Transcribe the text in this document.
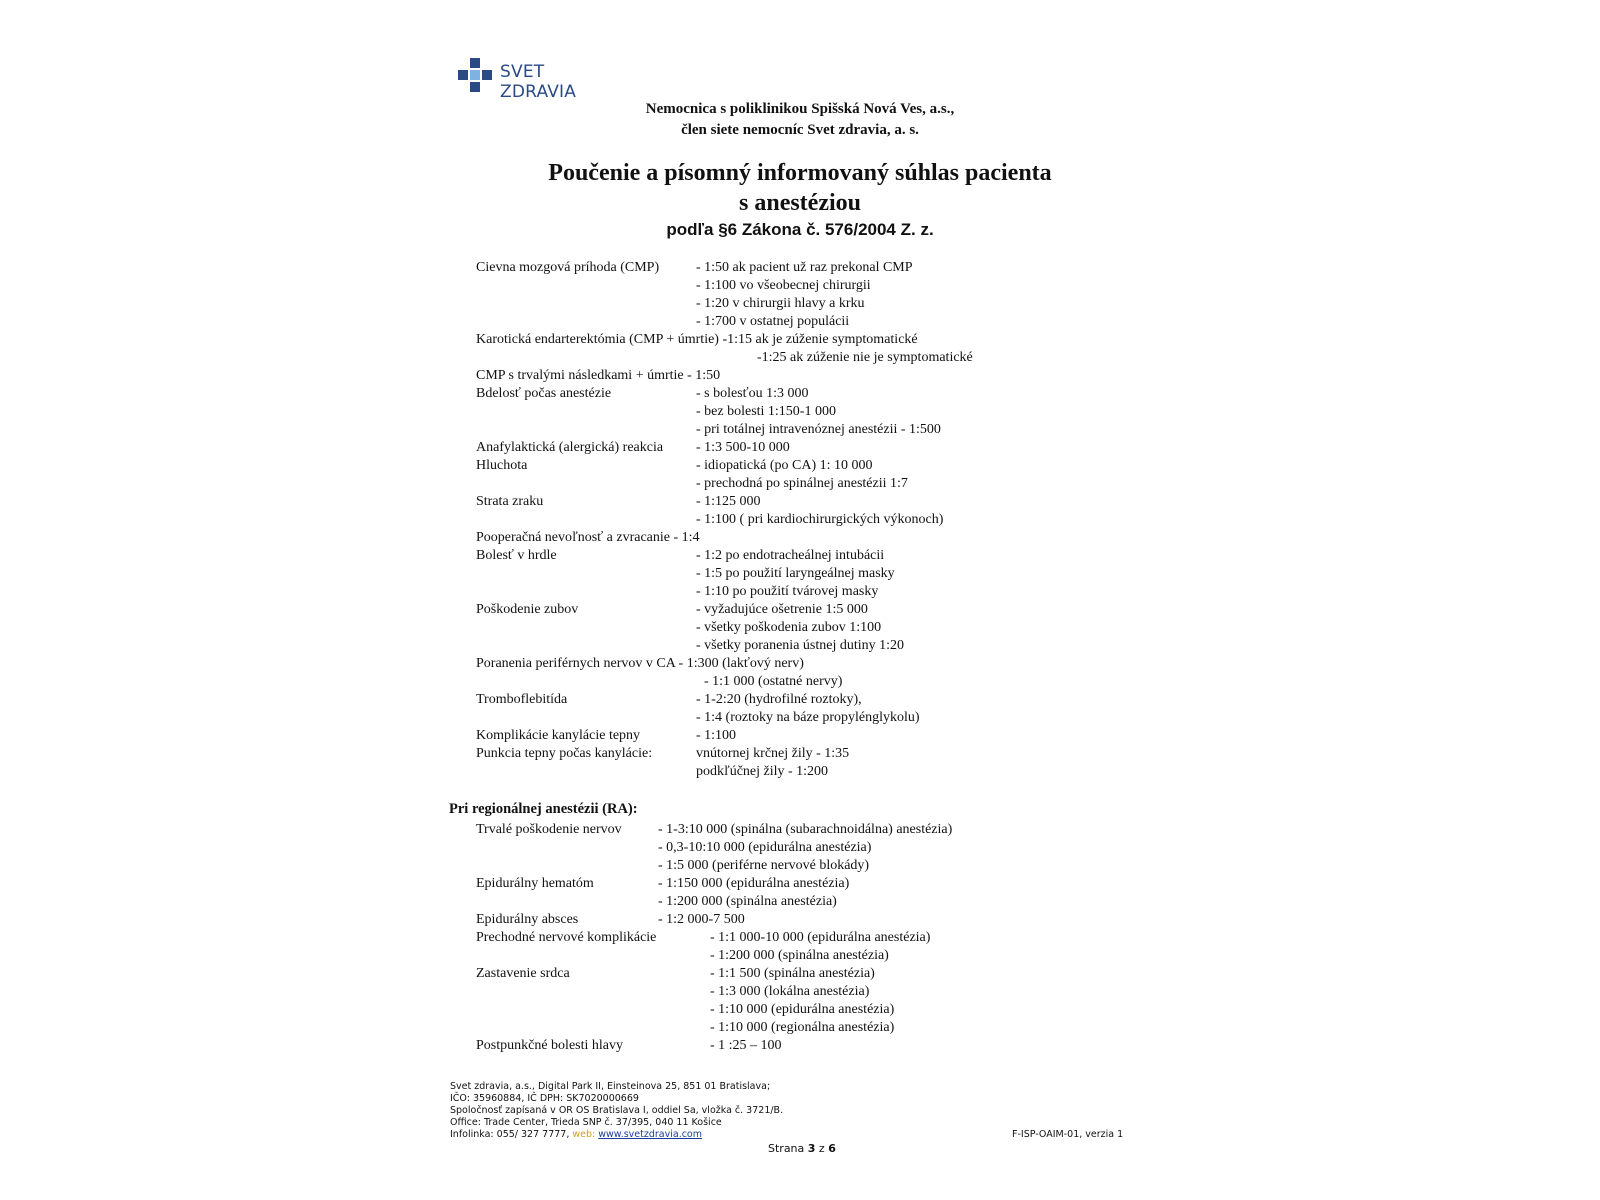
SVET ZDRAVIA
Nemocnica s poliklinikou Spišská Nová Ves, a.s.,
člen siete nemocníc Svet zdravia, a. s.
Poučenie a písomný informovaný súhlas pacienta
s anestéziou
podľa §6 Zákona č. 576/2004 Z. z.
Cievna mozgová príhoda (CMP)	- 1:50 ak pacient už raz prekonal CMP
- 1:100 vo všeobecnej chirurgii
- 1:20 v chirurgii hlavy a krku
- 1:700 v ostatnej populácii
Karotická endarterektómia (CMP + úmrtie) -1:15 ak je zúženie symptomatické
-1:25 ak zúženie nie je symptomatické
CMP s trvalými následkami + úmrtie - 1:50
Bdelosť počas anestézie	- s bolesťou 1:3 000
- bez bolesti 1:150-1 000
- pri totálnej intravenóznej anestézii - 1:500
Anafylaktická (alergická) reakcia - 1:3 500-10 000
Hluchota	- idiopatická (po CA) 1: 10 000
- prechodná po spinálnej anestézii 1:7
Strata zraku	- 1:125 000
- 1:100 ( pri kardiochirurgických výkonoch)
Pooperačná nevoľnosť a zvracanie - 1:4
Bolesť v hrdle	- 1:2 po endotracheálnej intubácii
- 1:5 po použití laryngeálnej masky
- 1:10 po použití tvárovej masky
Poškodenie zubov	- vyžadujúce ošetrenie 1:5 000
- všetky poškodenia zubov 1:100
- všetky poranenia ústnej dutiny 1:20
Poranenia periférnych nervov v CA - 1:300 (lakťový nerv)
- 1:1 000 (ostatné nervy)
Tromboflebitída	- 1-2:20 (hydrofilné roztoky),
- 1:4 (roztoky na báze propylénglykolu)
Komplikácie kanylácie tepny	- 1:100
Punkcia tepny počas kanylácie:	vnútornej krčnej žily - 1:35
podkľúčnej žily - 1:200
Pri regionálnej anestézii (RA):
Trvalé poškodenie nervov	- 1-3:10 000 (spinálna (subarachnoidálna) anestézia)
- 0,3-10:10 000 (epidurálna anestézia)
- 1:5 000 (periférne nervové blokády)
Epidurálny hematóm	- 1:150 000 (epidurálna anestézia)
- 1:200 000 (spinálna anestézia)
Epidurálny absces	- 1:2 000-7 500
Prechodné nervové komplikácie	- 1:1 000-10 000 (epidurálna anestézia)
- 1:200 000 (spinálna anestézia)
Zastavenie srdca	- 1:1 500 (spinálna anestézia)
- 1:3 000 (lokálna anestézia)
- 1:10 000 (epidurálna anestézia)
- 1:10 000 (regionálna anestézia)
Postpunkčné bolesti hlavy	- 1 :25 – 100
Svet zdravia, a.s., Digital Park II, Einsteinova 25, 851 01 Bratislava;
IČO: 35960884, IČ DPH: SK7020000669
Spoločnosť zapísaná v OR OS Bratislava I, oddiel Sa, vložka č. 3721/B.
Office: Trade Center, Trieda SNP č. 37/395, 040 11 Košice
Infolinka: 055/ 327 7777, web: www.svetzdravia.com	F-ISP-OAIM-01, verzia 1
Strana 3 z 6
